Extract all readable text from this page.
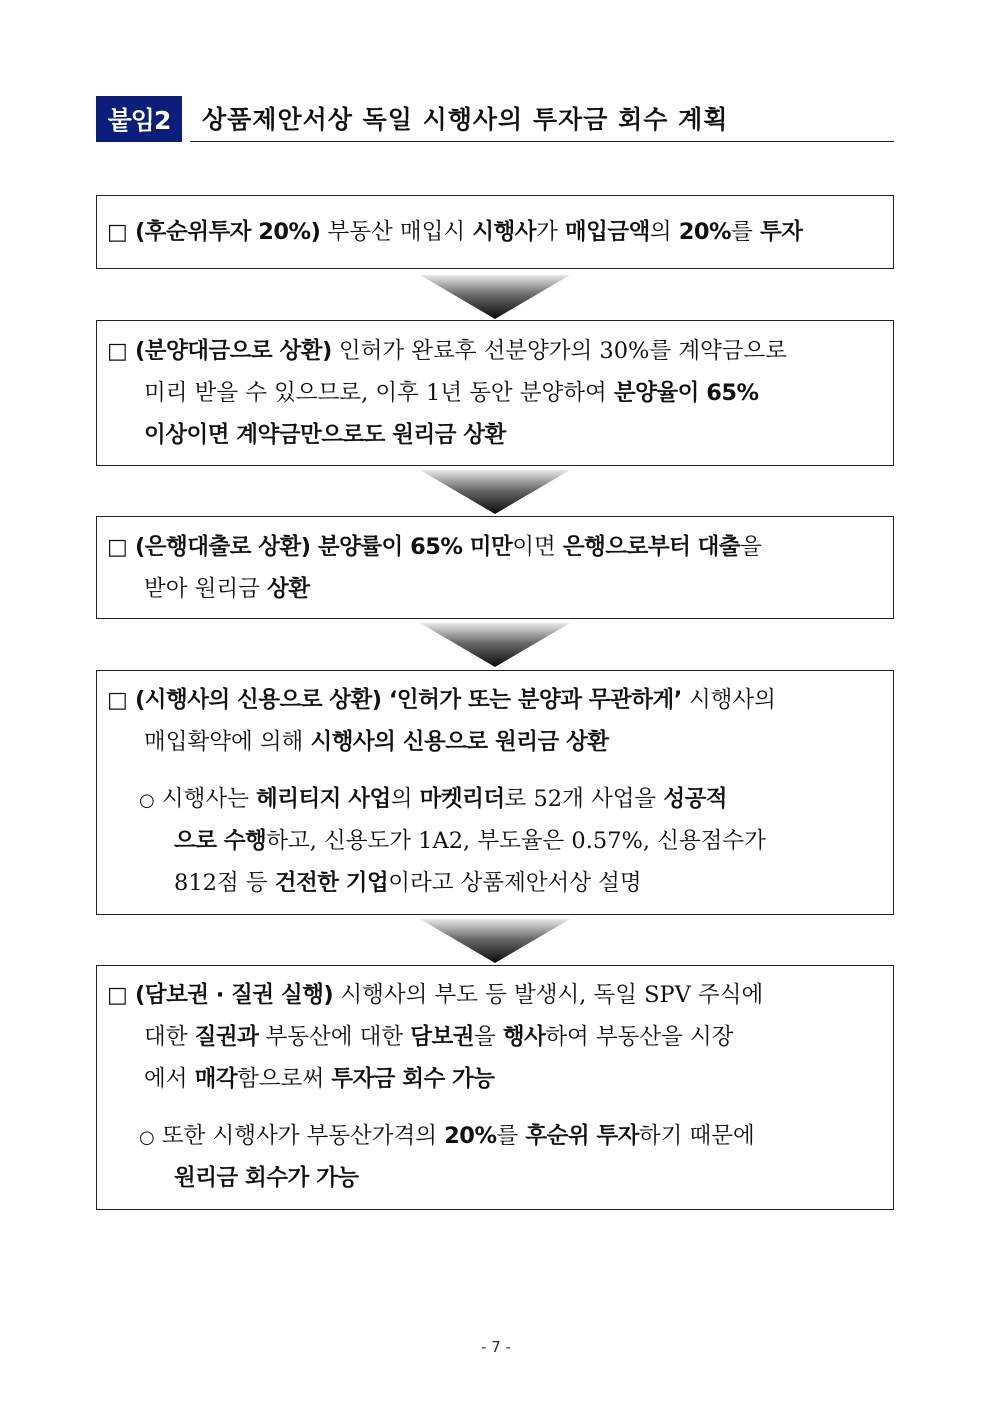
붙임2	상품제안서상 독일 시행사의 투자금 회수 계획
□ (후순위투자 20%) 부동산 매입시 시행사가 매입금액의 20%를 투자
□ (분양대금으로 상환) 인허가 완료후 선분양가의 30%를 계약금으로
미리 받을 수 있으므로, 이후 1년 동안 분양하여 분양율이 65%
이상이면 계약금만으로도 원리금 상환
□ (은행대출로 상환) 분양률이 65% 미만이면 은행으로부터 대출을
받아 원리금 상환
□ (시행사의 신용으로 상환) ‘인허가 또는 분양과 무관하게’ 시행사의
매입확약에 의해 시행사의 신용으로 원리금 상환
○ 시행사는 헤리티지 사업의 마켓리더로 52개 사업을 성공적
으로 수행하고, 신용도가 1A2, 부도율은 0.57%, 신용점수가
812점 등 건전한 기업이라고 상품제안서상 설명
□ (담보권 · 질권 실행) 시행사의 부도 등 발생시, 독일 SPV 주식에
대한 질권과 부동산에 대한 담보권을 행사하여 부동산을 시장
에서 매각함으로써 투자금 회수 가능
○ 또한 시행사가 부동산가격의 20%를 후순위 투자하기 때문에
원리금 회수가 가능
- 7 -
